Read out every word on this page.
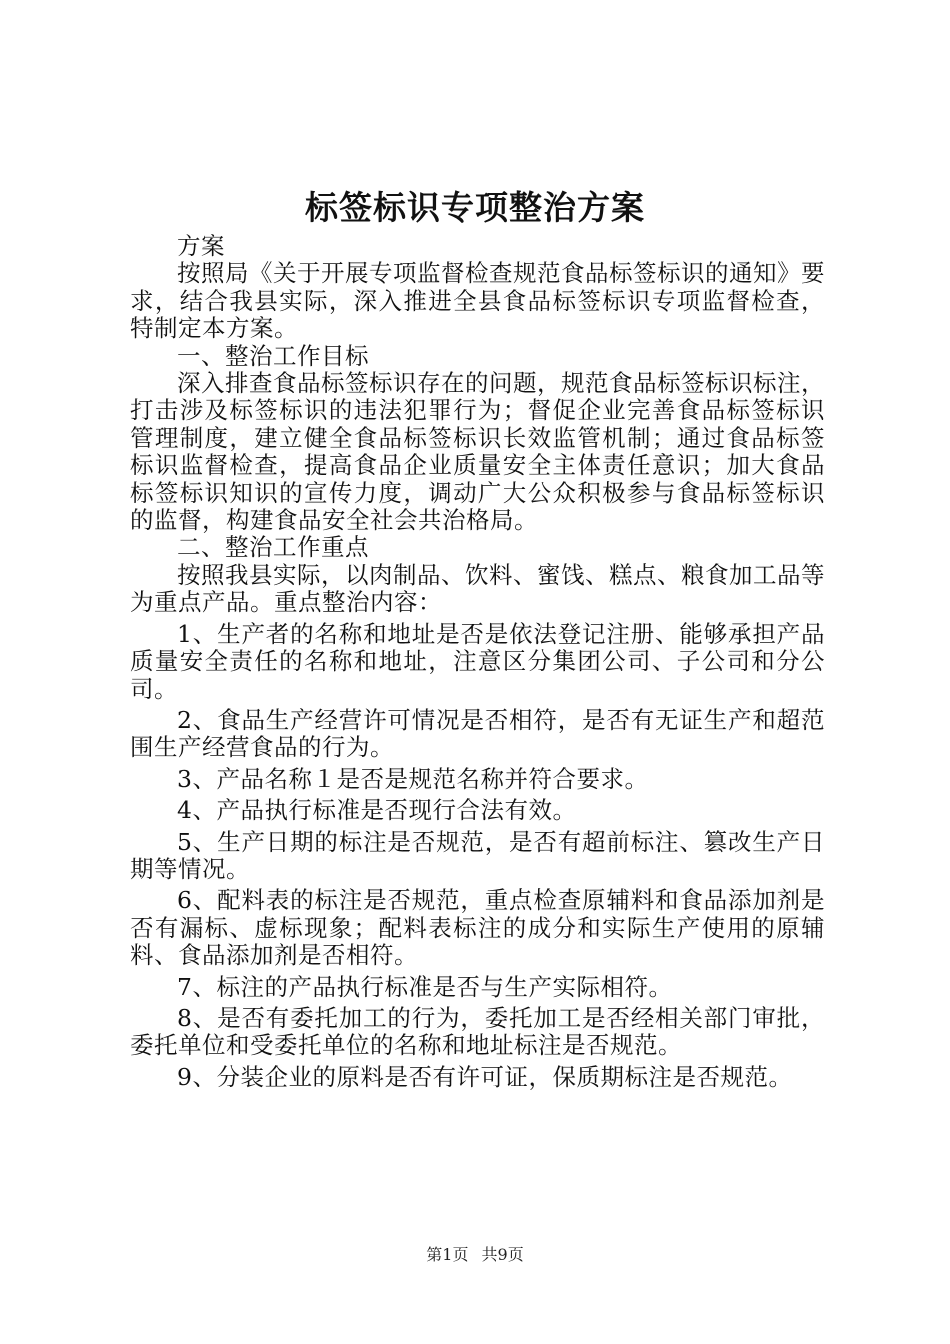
标签标识专项整治方案

方案

按照局《关于开展专项监督检查规范食品标签标识的通知》要求，结合我县实际，深入推进全县食品标签标识专项监督检查，特制定本方案。

一、整治工作目标

深入排查食品标签标识存在的问题，规范食品标签标识标注，打击涉及标签标识的违法犯罪行为；督促企业完善食品标签标识管理制度，建立健全食品标签标识长效监管机制；通过食品标签标识监督检查，提高食品企业质量安全主体责任意识；加大食品标签标识知识的宣传力度，调动广大公众积极参与食品标签标识的监督，构建食品安全社会共治格局。

二、整治工作重点

按照我县实际，以肉制品、饮料、蜜饯、糕点、粮食加工品等为重点产品。重点整治内容：

1、生产者的名称和地址是否是依法登记注册、能够承担产品质量安全责任的名称和地址，注意区分集团公司、子公司和分公司。

2、食品生产经营许可情况是否相符，是否有无证生产和超范围生产经营食品的行为。

3、产品名称１是否是规范名称并符合要求。

4、产品执行标准是否现行合法有效。

5、生产日期的标注是否规范，是否有超前标注、篡改生产日期等情况。

6、配料表的标注是否规范，重点检查原辅料和食品添加剂是否有漏标、虚标现象；配料表标注的成分和实际生产使用的原辅料、食品添加剂是否相符。

7、标注的产品执行标准是否与生产实际相符。

8、是否有委托加工的行为，委托加工是否经相关部门审批，委托单位和受委托单位的名称和地址标注是否规范。

9、分装企业的原料是否有许可证，保质期标注是否规范。

第1页 共9页
